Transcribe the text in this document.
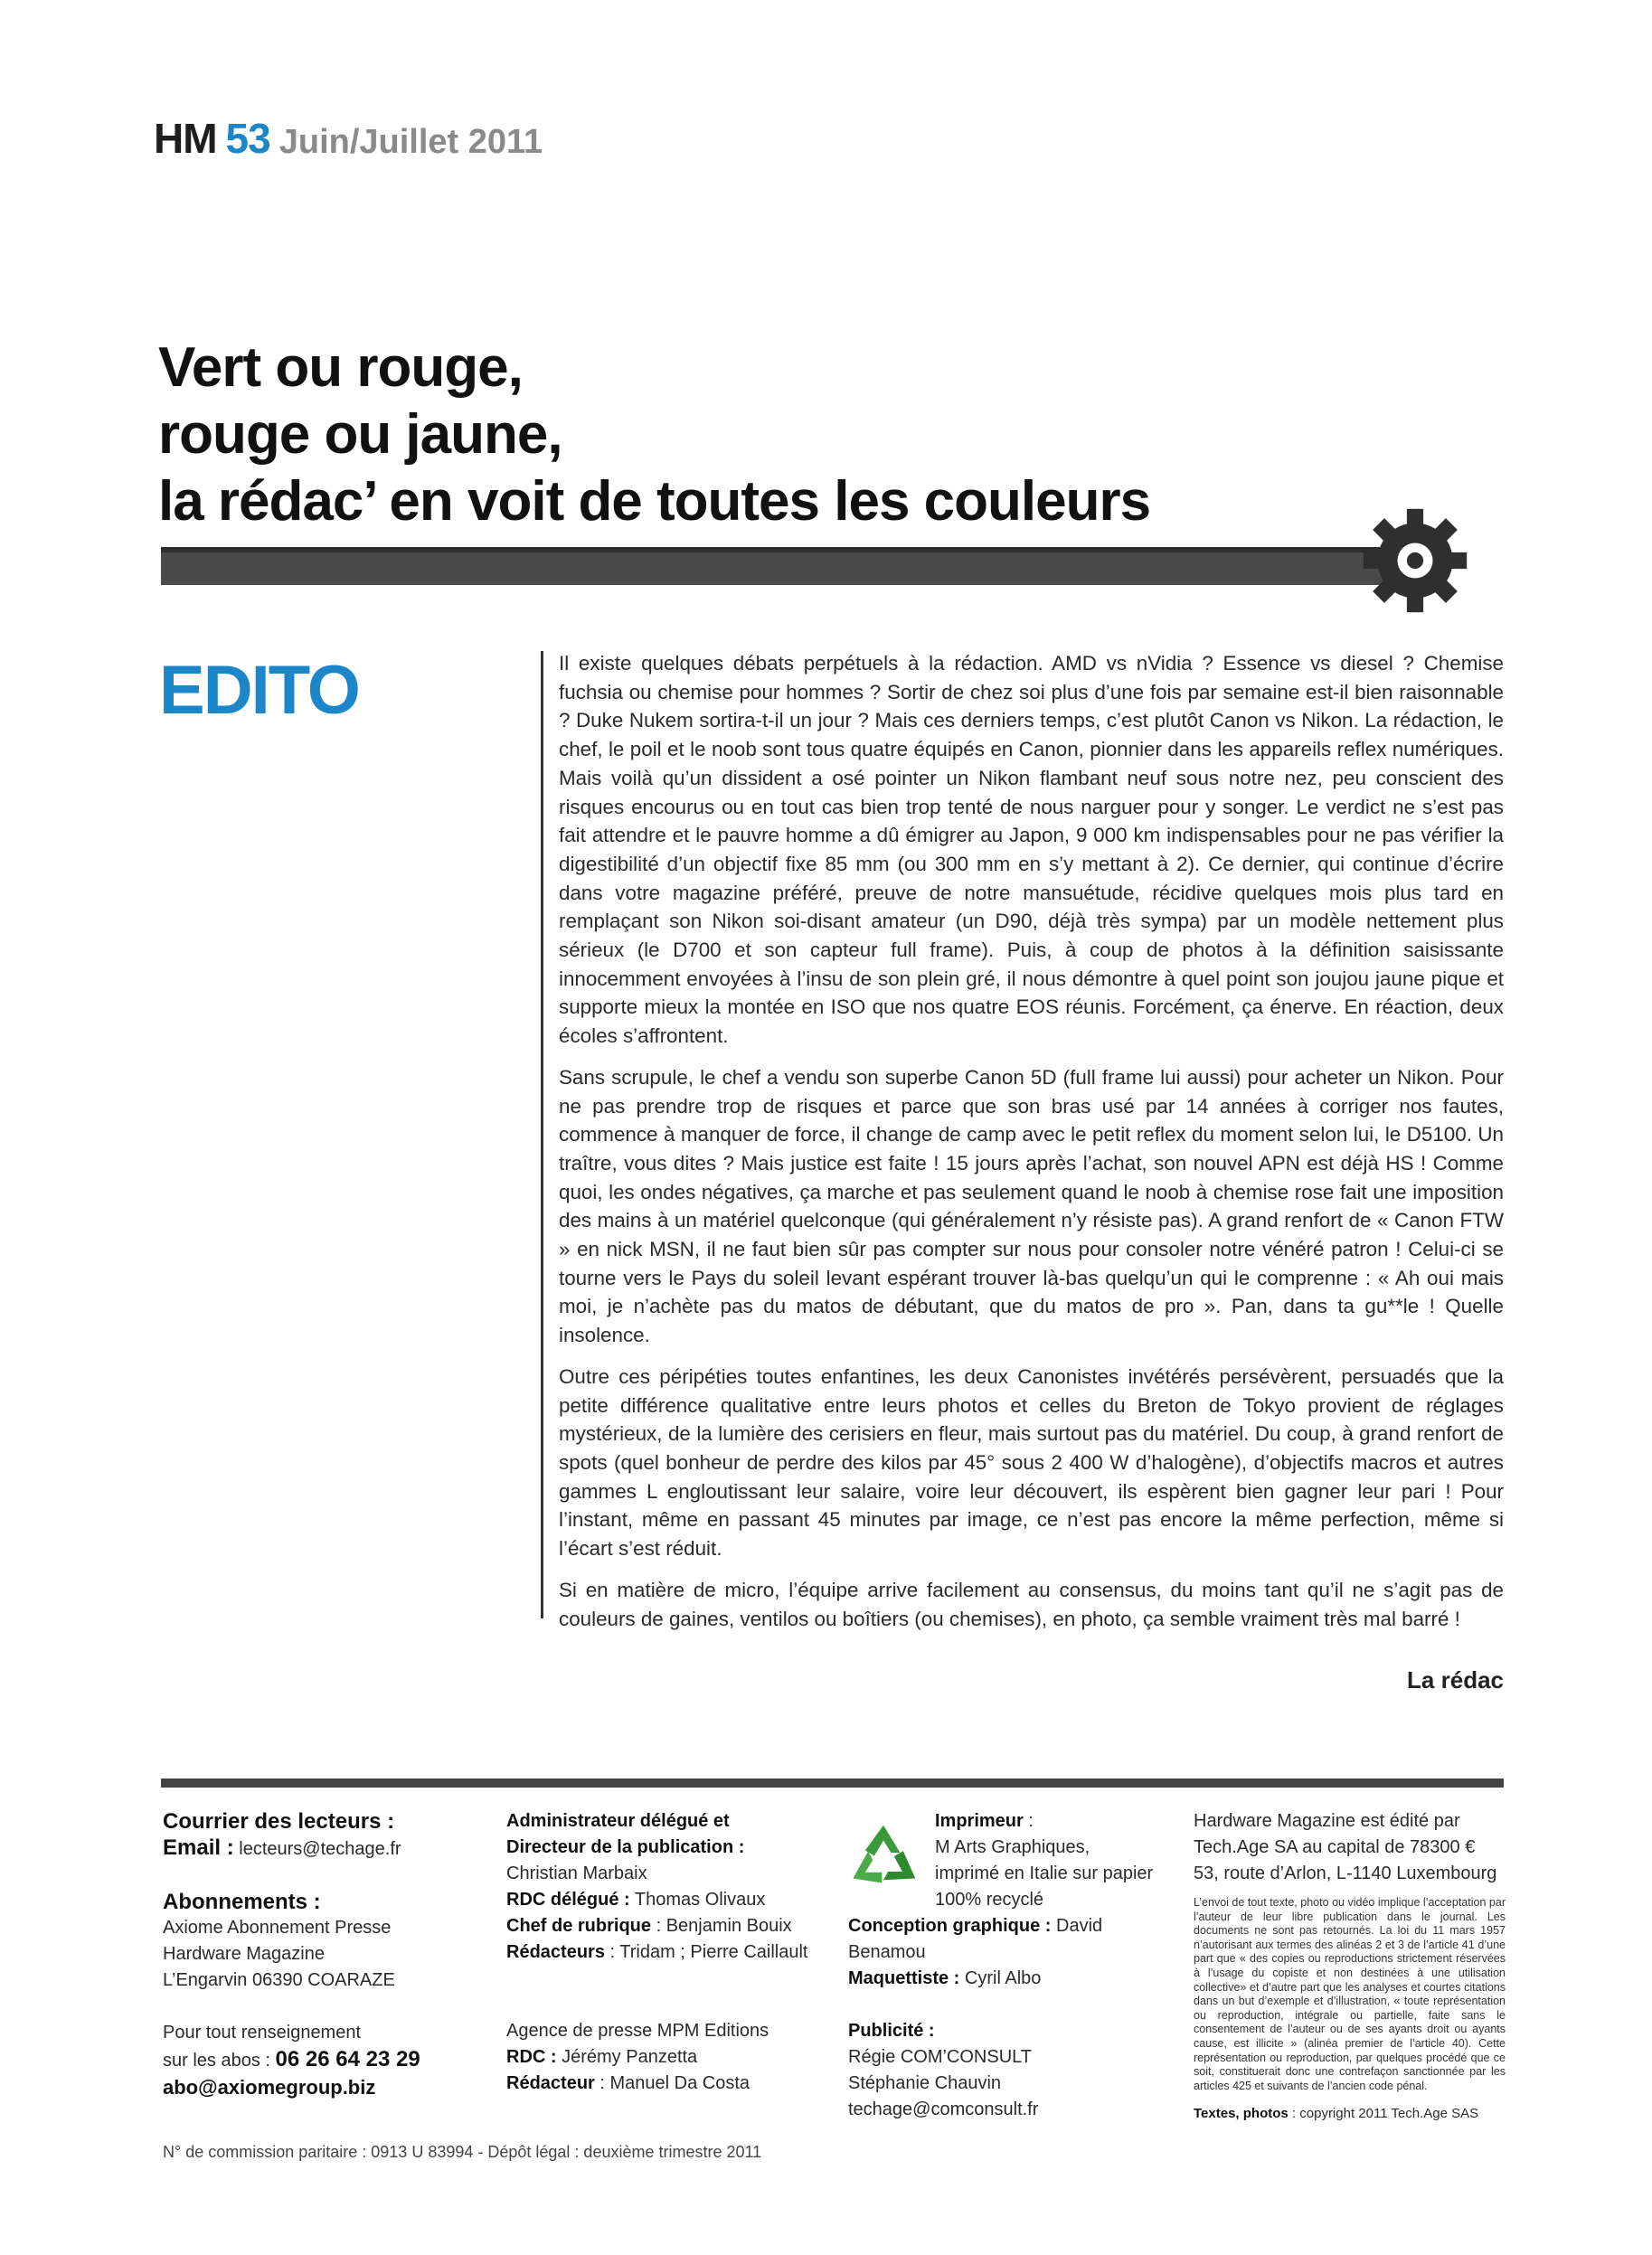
HM 53 Juin/Juillet 2011
Vert ou rouge,
rouge ou jaune,
la rédac’ en voit de toutes les couleurs
EDITO	Il existe quelques débats perpétuels à la rédaction. AMD vs nVidia ? Essence vs diesel ? Chemise fuchsia ou chemise pour hommes ? Sortir de chez soi plus d’une fois par semaine est-il bien raisonnable ? Duke Nukem sortira-t-il un jour ? Mais ces derniers temps, c’est plutôt Canon vs Nikon. La rédaction, le chef, le poil et le noob sont tous quatre équipés en Canon, pionnier dans les appareils reflex numériques. Mais voilà qu’un dissident a osé pointer un Nikon flambant neuf sous notre nez, peu conscient des risques encourus ou en tout cas bien trop tenté de nous narguer pour y songer. Le verdict ne s’est pas fait attendre et le pauvre homme a dû émigrer au Japon, 9 000 km indispensables pour ne pas vérifier la digestibilité d’un objectif fixe 85 mm (ou 300 mm en s’y mettant à 2). Ce dernier, qui continue d’écrire dans votre magazine préféré, preuve de notre mansuétude, récidive quelques mois plus tard en remplaçant son Nikon soi-disant amateur (un D90, déjà très sympa) par un modèle nettement plus sérieux (le D700 et son capteur full frame). Puis, à coup de photos à la définition saisissante innocemment envoyées à l’insu de son plein gré, il nous démontre à quel point son joujou jaune pique et supporte mieux la montée en ISO que nos quatre EOS réunis. Forcément, ça énerve. En réaction, deux écoles s’affrontent.

Sans scrupule, le chef a vendu son superbe Canon 5D (full frame lui aussi) pour acheter un Nikon. Pour ne pas prendre trop de risques et parce que son bras usé par 14 années à corriger nos fautes, commence à manquer de force, il change de camp avec le petit reflex du moment selon lui, le D5100. Un traître, vous dites ? Mais justice est faite ! 15 jours après l’achat, son nouvel APN est déjà HS ! Comme quoi, les ondes négatives, ça marche et pas seulement quand le noob à chemise rose fait une imposition des mains à un matériel quelconque (qui généralement n’y résiste pas). A grand renfort de « Canon FTW » en nick MSN, il ne faut bien sûr pas compter sur nous pour consoler notre vénéré patron ! Celui-ci se tourne vers le Pays du soleil levant espérant trouver là-bas quelqu’un qui le comprenne : « Ah oui mais moi, je n’achète pas du matos de débutant, que du matos de pro ». Pan, dans ta gu**le ! Quelle insolence.

Outre ces péripéties toutes enfantines, les deux Canonistes invétérés persévèrent, persuadés que la petite différence qualitative entre leurs photos et celles du Breton de Tokyo provient de réglages mystérieux, de la lumière des cerisiers en fleur, mais surtout pas du matériel. Du coup, à grand renfort de spots (quel bonheur de perdre des kilos par 45° sous 2 400 W d’halogène), d’objectifs macros et autres gammes L engloutissant leur salaire, voire leur découvert, ils espèrent bien gagner leur pari ! Pour l’instant, même en passant 45 minutes par image, ce n’est pas encore la même perfection, même si l’écart s’est réduit.

Si en matière de micro, l’équipe arrive facilement au consensus, du moins tant qu’il ne s’agit pas de couleurs de gaines, ventilos ou boîtiers (ou chemises), en photo, ça semble vraiment très mal barré !

La rédac
Courrier des lecteurs :
Email : lecteurs@techage.fr
Abonnements :
Axiome Abonnement Presse
Hardware Magazine
L’Engarvin 06390 COARAZE
Pour tout renseignement
sur les abos : 06 26 64 23 29
abo@axiomegroup.biz
Administrateur délégué et
Directeur de la publication :
Christian Marbaix
RDC délégué : Thomas Olivaux
Chef de rubrique : Benjamin Bouix
Rédacteurs : Tridam ; Pierre Caillault
Agence de presse MPM Editions
RDC : Jérémy Panzetta
Rédacteur : Manuel Da Costa
Imprimeur :
M Arts Graphiques,
imprimé en Italie sur papier
100% recyclé
Conception graphique : David Benamou
Maquettiste : Cyril Albo
Publicité :
Régie COM’CONSULT
Stéphanie Chauvin
techage@comconsult.fr
Hardware Magazine est édité par
Tech.Age SA au capital de 78300 €
53, route d’Arlon, L-1140 Luxembourg
L’envoi de tout texte, photo ou vidéo implique l’acceptation par l’auteur de leur libre publication dans le journal. Les documents ne sont pas retournés. La loi du 11 mars 1957 n’autorisant aux termes des alinéas 2 et 3 de l’article 41 d’une part que « des copies ou reproductions strictement réservées à l’usage du copiste et non destinées à une utilisation collective» et d’autre part que les analyses et courtes citations dans un but d’exemple et d’illustration, « toute représentation ou reproduction, intégrale ou partielle, faite sans le consentement de l’auteur ou de ses ayants droit ou ayants cause, est illicite » (alinéa premier de l’article 40). Cette représentation ou reproduction, par quelques procédé que ce soit, constituerait donc une contrefaçon sanctionnée par les articles 425 et suivants de l’ancien code pénal.
Textes, photos : copyright 2011 Tech.Age SAS
N° de commission paritaire : 0913 U 83994 - Dépôt légal : deuxième trimestre 2011
